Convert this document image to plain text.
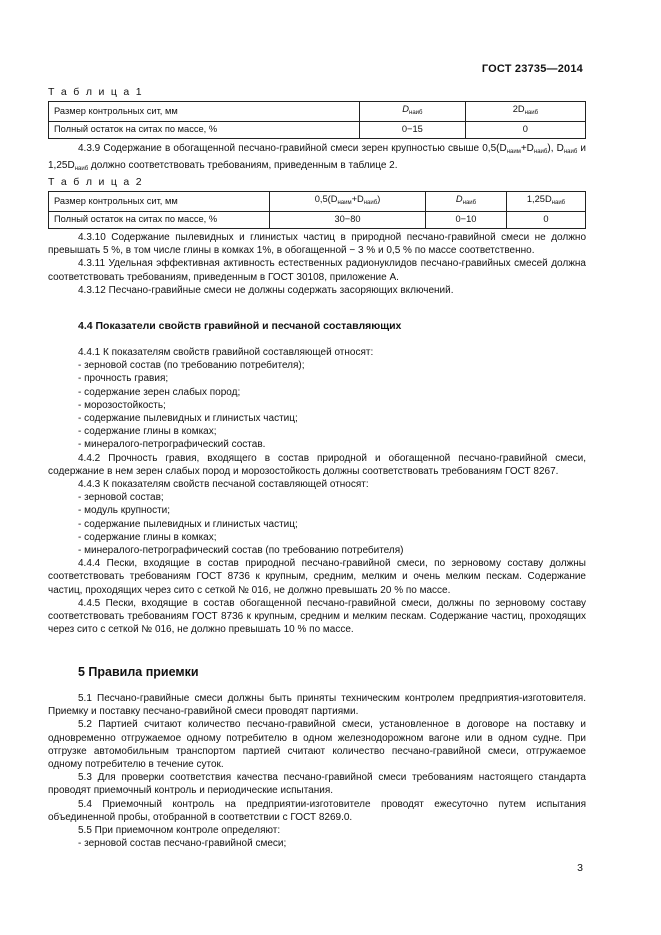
ГОСТ 23735—2014

Т а б л и ц а 1

Размер контрольных сит, мм	$D_{наиб}$	$2D_{наиб}$
Полный остаток на ситах по массе, %	0−15	0

4.3.9 Содержание в обогащенной песчано-гравийной смеси зерен крупностью свыше $0,5(D_{наим}+D_{наиб})$, $D_{наиб}$ и $1,25D_{наиб}$ должно соответствовать требованиям, приведенным в таблице 2.

Т а б л и ц а 2

Размер контрольных сит, мм	$0,5(D_{наим}+D_{наиб})$	$D_{наиб}$	$1,25D_{наиб}$
Полный остаток на ситах по массе, %	30−80	0−10	0

4.3.10 Содержание пылевидных и глинистых частиц в природной песчано-гравийной смеси не должно превышать 5 %, в том числе глины в комках 1%, в обогащенной − 3 % и 0,5 % по массе соответственно.

4.3.11 Удельная эффективная активность естественных радионуклидов песчано-гравийных смесей должна соответствовать требованиям, приведенным в ГОСТ 30108, приложение А.

4.3.12 Песчано-гравийные смеси не должны содержать засоряющих включений.

4.4 Показатели свойств гравийной и песчаной составляющих

4.4.1 К показателям свойств гравийной составляющей относят:

- зерновой состав (по требованию потребителя);

- прочность гравия;

- содержание зерен слабых пород;

- морозостойкость;

- содержание пылевидных и глинистых частиц;

- содержание глины в комках;

- минералого-петрографический состав.

4.4.2 Прочность гравия, входящего в состав природной и обогащенной песчано-гравийной смеси, содержание в нем зерен слабых пород и морозостойкость должны соответствовать требованиям ГОСТ 8267.

4.4.3 К показателям свойств песчаной составляющей относят:

- зерновой состав;

- модуль крупности;

- содержание пылевидных и глинистых частиц;

- содержание глины в комках;

- минералого-петрографический состав (по требованию потребителя)

4.4.4 Пески, входящие в состав природной песчано-гравийной смеси, по зерновому составу должны соответствовать требованиям ГОСТ 8736 к крупным, средним, мелким и очень мелким пескам. Содержание частиц, проходящих через сито с сеткой № 016, не должно превышать 20 % по массе.

4.4.5 Пески, входящие в состав обогащенной песчано-гравийной смеси, должны по зерновому составу соответствовать требованиям ГОСТ 8736 к крупным, средним и мелким пескам. Содержание частиц, проходящих через сито с сеткой № 016, не должно превышать 10 % по массе.

5 Правила приемки

5.1 Песчано-гравийные смеси должны быть приняты техническим контролем предприятия-изготовителя. Приемку и поставку песчано-гравийной смеси проводят партиями.

5.2 Партией считают количество песчано-гравийной смеси, установленное в договоре на поставку и одновременно отгружаемое одному потребителю в одном железнодорожном вагоне или в одном судне. При отгрузке автомобильным транспортом партией считают количество песчано-гравийной смеси, отгружаемое одному потребителю в течение суток.

5.3 Для проверки соответствия качества песчано-гравийной смеси требованиям настоящего стандарта проводят приемочный контроль и периодические испытания.

5.4 Приемочный контроль на предприятии-изготовителе проводят ежесуточно путем испытания объединенной пробы, отобранной в соответствии с ГОСТ 8269.0.

5.5 При приемочном контроле определяют:

- зерновой состав песчано-гравийной смеси;

3
